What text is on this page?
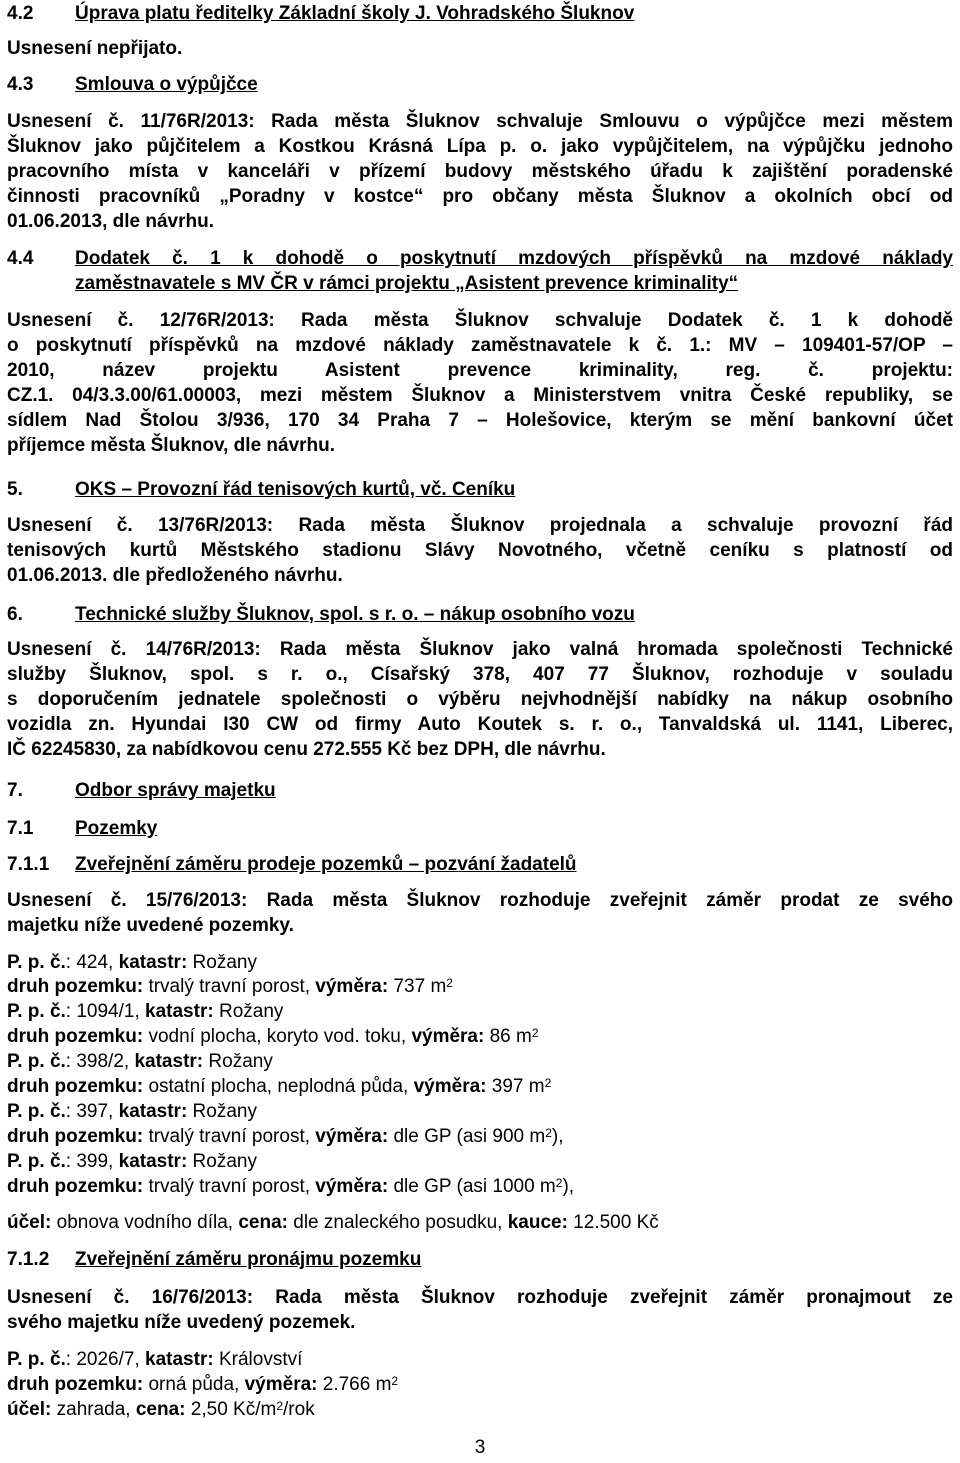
4.2 Úprava platu ředitelky Základní školy J. Vohradského Šluknov
Usnesení nepřijato.
4.3 Smlouva o výpůjčce
Usnesení č. 11/76R/2013: Rada města Šluknov schvaluje Smlouvu o výpůjčce mezi městem
Šluknov jako půjčitelem a Kostkou Krásná Lípa p. o. jako vypůjčitelem, na výpůjčku jednoho
pracovního místa v kanceláři v přízemí budovy městského úřadu k zajištění poradenské
činnosti pracovníků „Poradny v kostce“ pro občany města Šluknov a okolních obcí od
01.06.2013, dle návrhu.
4.4 Dodatek č. 1 k dohodě o poskytnutí mzdových příspěvků na mzdové náklady
zaměstnavatele s MV ČR v rámci projektu „Asistent prevence kriminality“
Usnesení č. 12/76R/2013: Rada města Šluknov schvaluje Dodatek č. 1 k dohodě
o poskytnutí příspěvků na mzdové náklady zaměstnavatele k č. 1.: MV – 109401-57/OP –
2010, název projektu Asistent prevence kriminality, reg. č. projektu:
CZ.1. 04/3.3.00/61.00003, mezi městem Šluknov a Ministerstvem vnitra České republiky, se
sídlem Nad Štolou 3/936, 170 34 Praha 7 – Holešovice, kterým se mění bankovní účet
příjemce města Šluknov, dle návrhu.
5.	OKS – Provozní řád tenisových kurtů, vč. Ceníku
Usnesení č. 13/76R/2013: Rada města Šluknov projednala a schvaluje provozní řád
tenisových kurtů Městského stadionu Slávy Novotného, včetně ceníku s platností od
01.06.2013. dle předloženého návrhu.
6.	Technické služby Šluknov, spol. s r. o. – nákup osobního vozu
Usnesení č. 14/76R/2013: Rada města Šluknov jako valná hromada společnosti Technické
služby Šluknov, spol. s r. o., Císařský 378, 407 77 Šluknov, rozhoduje v souladu
s doporučením jednatele společnosti o výběru nejvhodnější nabídky na nákup osobního
vozidla zn. Hyundai I30 CW od firmy Auto Koutek s. r. o., Tanvaldská ul. 1141, Liberec,
IČ 62245830, za nabídkovou cenu 272.555 Kč bez DPH, dle návrhu.
7.	Odbor správy majetku
7.1 Pozemky
7.1.1 Zveřejnění záměru prodeje pozemků – pozvání žadatelů
Usnesení č. 15/76/2013: Rada města Šluknov rozhoduje zveřejnit záměr prodat ze svého
majetku níže uvedené pozemky.
P. p. č.: 424, katastr: Rožany
druh pozemku: trvalý travní porost, výměra: 737 $m^2$
P. p. č.: 1094/1, katastr: Rožany
druh pozemku: vodní plocha, koryto vod. toku, výměra: 86 $m^2$
P. p. č.: 398/2, katastr: Rožany
druh pozemku: ostatní plocha, neplodná půda, výměra: 397 $m^2$
P. p. č.: 397, katastr: Rožany
druh pozemku: trvalý travní porost, výměra: dle GP (asi 900 $m^2$),
P. p. č.: 399, katastr: Rožany
druh pozemku: trvalý travní porost, výměra: dle GP (asi 1000 $m^2$),
účel: obnova vodního díla, cena: dle znaleckého posudku, kauce: 12.500 Kč
7.1.2 Zveřejnění záměru pronájmu pozemku
Usnesení č. 16/76/2013: Rada města Šluknov rozhoduje zveřejnit záměr pronajmout ze
svého majetku níže uvedený pozemek.
P. p. č.: 2026/7, katastr: Království
druh pozemku: orná půda, výměra: 2.766 $m^2$
účel: zahrada, cena: 2,50 $Kč/m^2$/rok
3
